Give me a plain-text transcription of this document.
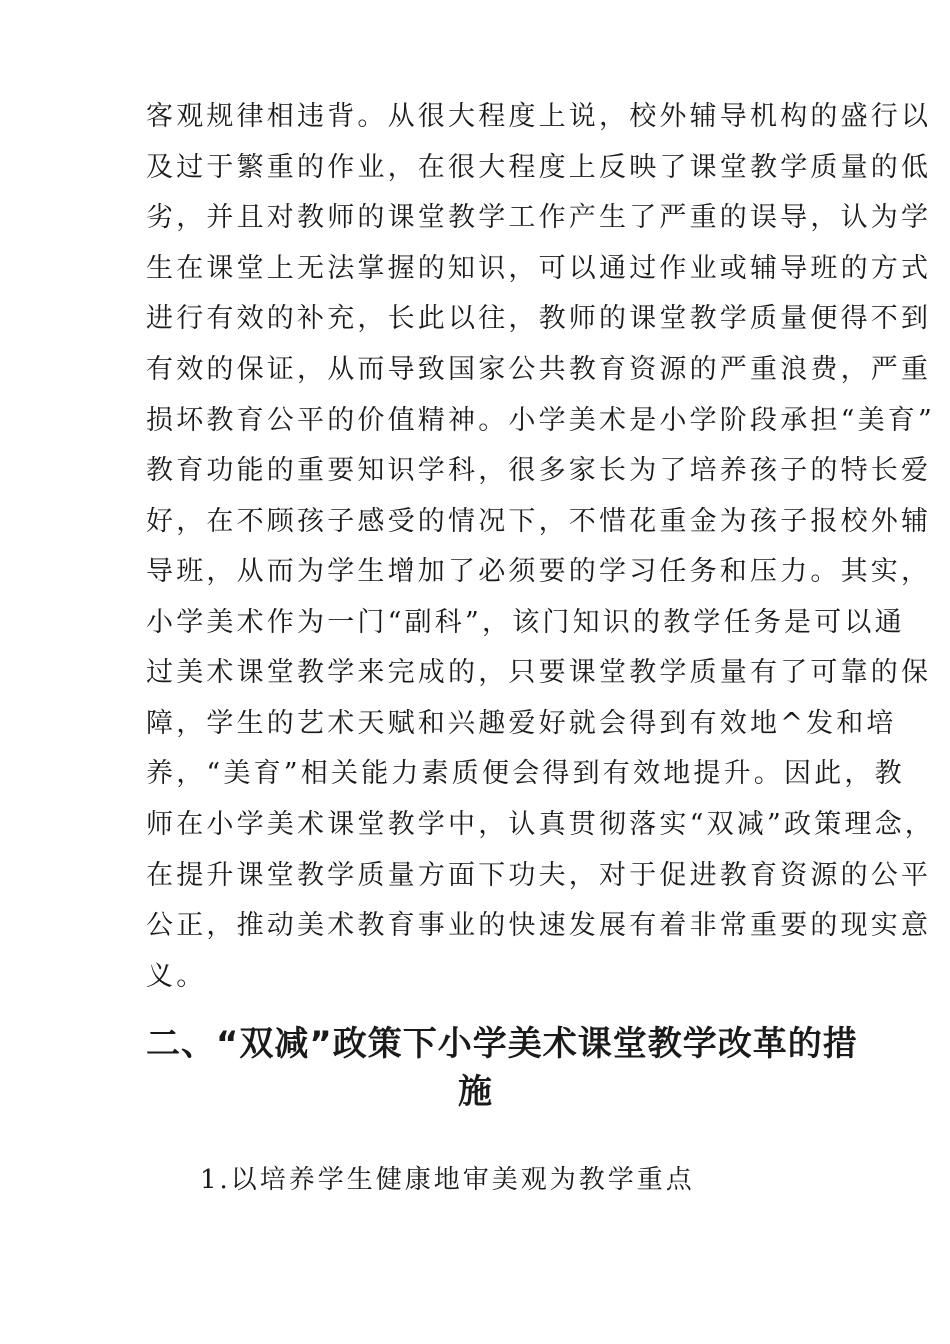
客观规律相违背。从很大程度上说，校外辅导机构的盛行以
及过于繁重的作业，在很大程度上反映了课堂教学质量的低
劣，并且对教师的课堂教学工作产生了严重的误导，认为学
生在课堂上无法掌握的知识，可以通过作业或辅导班的方式
进行有效的补充，长此以往，教师的课堂教学质量便得不到
有效的保证，从而导致国家公共教育资源的严重浪费，严重
损坏教育公平的价值精神。小学美术是小学阶段承担“美育”
教育功能的重要知识学科，很多家长为了培养孩子的特长爱
好，在不顾孩子感受的情况下，不惜花重金为孩子报校外辅
导班，从而为学生增加了必须要的学习任务和压力。其实，
小学美术作为一门“副科”，该门知识的教学任务是可以通
过美术课堂教学来完成的，只要课堂教学质量有了可靠的保
障，学生的艺术天赋和兴趣爱好就会得到有效地^发和培
养，“美育”相关能力素质便会得到有效地提升。因此，教
师在小学美术课堂教学中，认真贯彻落实“双减”政策理念，
在提升课堂教学质量方面下功夫，对于促进教育资源的公平
公正，推动美术教育事业的快速发展有着非常重要的现实意
义。
二、“双减”政策下小学美术课堂教学改革的措
施
1.以培养学生健康地审美观为教学重点
